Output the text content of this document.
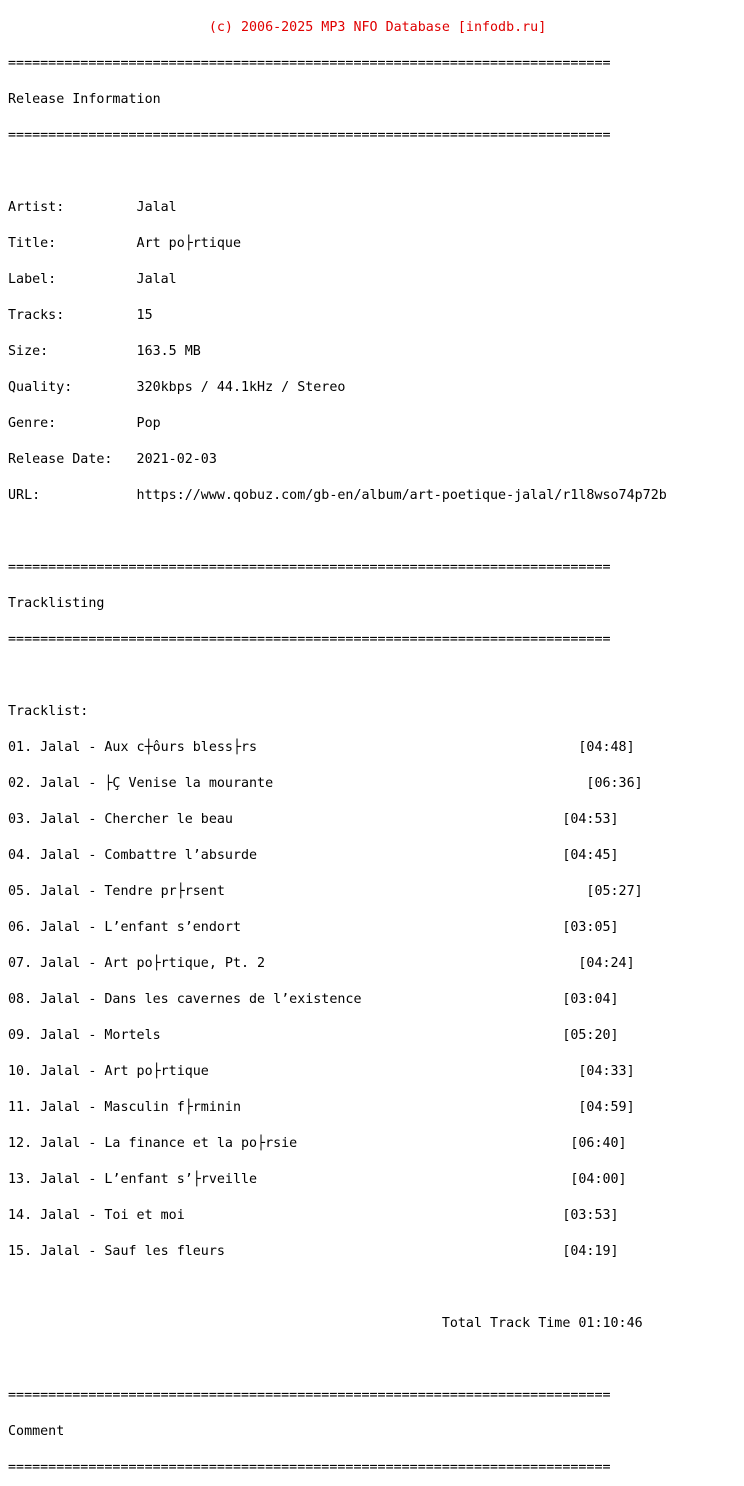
(c) 2006-2025 MP3 NFO Database [infodb.ru]

===========================================================================

Release Information

===========================================================================

Artist:         Jalal

Title:          Art po├rtique

Label:          Jalal

Tracks:         15

Size:           163.5 MB

Quality:        320kbps / 44.1kHz / Stereo

Genre:          Pop

Release Date:   2021-02-03

URL:            https://www.qobuz.com/gb-en/album/art-poetique-jalal/r1l8wso74p72b

===========================================================================

Tracklisting

===========================================================================

Tracklist:

01. Jalal - Aux c┼ôurs bless├rs                                        [04:48]

02. Jalal - ├Ç Venise la mourante                                       [06:36]

03. Jalal - Chercher le beau                                         [04:53]

04. Jalal - Combattre l’absurde                                      [04:45]

05. Jalal - Tendre pr├rsent                                             [05:27]

06. Jalal - L’enfant s’endort                                        [03:05]

07. Jalal - Art po├rtique, Pt. 2                                       [04:24]

08. Jalal - Dans les cavernes de l’existence                         [03:04]

09. Jalal - Mortels                                                  [05:20]

10. Jalal - Art po├rtique                                              [04:33]

11. Jalal - Masculin f├rminin                                          [04:59]

12. Jalal - La finance et la po├rsie                                  [06:40]

13. Jalal - L’enfant s’├rveille                                       [04:00]

14. Jalal - Toi et moi                                               [03:53]

15. Jalal - Sauf les fleurs                                          [04:19]

Total Track Time 01:10:46

===========================================================================

Comment

===========================================================================
